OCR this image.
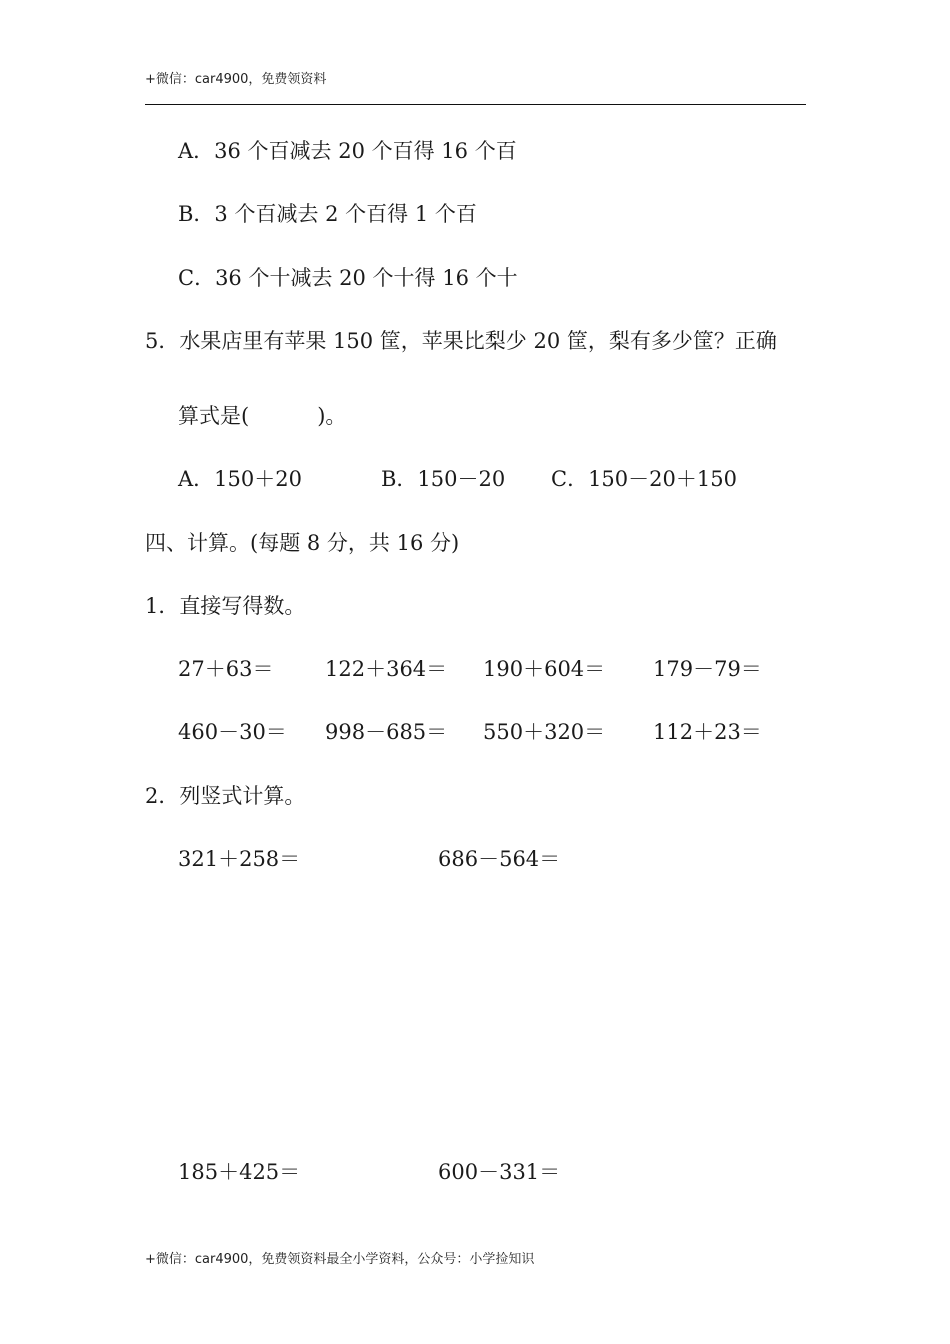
+微信：car4900，免费领资料
A．36 个百减去 20 个百得 16 个百
B．3 个百减去 2 个百得 1 个百
C．36 个十减去 20 个十得 16 个十
5．水果店里有苹果 150 筐，苹果比梨少 20 筐，梨有多少筐？正确
算式是(	)。
A．150＋20	B．150－20 C．150－20＋150
四、计算。(每题 8 分，共 16 分)
1．直接写得数。
27＋63＝ 122＋364＝ 190＋604＝ 179－79＝
460－30＝ 998－685＝ 550＋320＝ 112＋23＝
2．列竖式计算。
321＋258＝	686－564＝
185＋425＝	600－331＝
+微信：car4900，免费领资料最全小学资料，公众号：小学捡知识
